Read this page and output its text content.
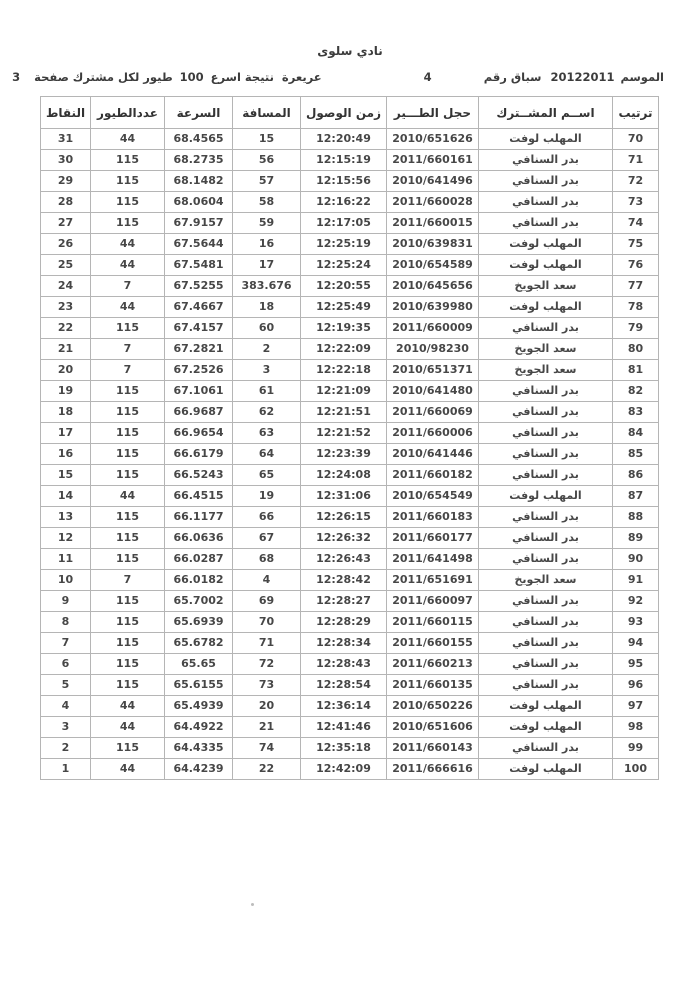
نادي سلوى
الموسم
20122011
سباق رقم
4
عريعرة
نتيجة اسرع
100
طيور لكل مشترك صفحة
3
ترتيب	اســم المشــترك	حجل الطـــير	زمن الوصول	المسافة	السرعة	عددالطيور	النقاط
70	المهلب لوفت	2010/651626	12:20:49	15	68.4565	44	31
71	بدر السنافي	2011/660161	12:15:19	56	68.2735	115	30
72	بدر السنافي	2010/641496	12:15:56	57	68.1482	115	29
73	بدر السنافي	2011/660028	12:16:22	58	68.0604	115	28
74	بدر السنافي	2011/660015	12:17:05	59	67.9157	115	27
75	المهلب لوفت	2010/639831	12:25:19	16	67.5644	44	26
76	المهلب لوفت	2010/654589	12:25:24	17	67.5481	44	25
77	سعد الجويخ	2010/645656	12:20:55	383.676	67.5255	7	24
78	المهلب لوفت	2010/639980	12:25:49	18	67.4667	44	23
79	بدر السنافي	2011/660009	12:19:35	60	67.4157	115	22
80	سعد الجويخ	2010/98230	12:22:09	2	67.2821	7	21
81	سعد الجويخ	2010/651371	12:22:18	3	67.2526	7	20
82	بدر السنافي	2010/641480	12:21:09	61	67.1061	115	19
83	بدر السنافي	2011/660069	12:21:51	62	66.9687	115	18
84	بدر السنافي	2011/660006	12:21:52	63	66.9654	115	17
85	بدر السنافي	2010/641446	12:23:39	64	66.6179	115	16
86	بدر السنافي	2011/660182	12:24:08	65	66.5243	115	15
87	المهلب لوفت	2010/654549	12:31:06	19	66.4515	44	14
88	بدر السنافي	2011/660183	12:26:15	66	66.1177	115	13
89	بدر السنافي	2011/660177	12:26:32	67	66.0636	115	12
90	بدر السنافي	2011/641498	12:26:43	68	66.0287	115	11
91	سعد الجويخ	2011/651691	12:28:42	4	66.0182	7	10
92	بدر السنافي	2011/660097	12:28:27	69	65.7002	115	9
93	بدر السنافي	2011/660115	12:28:29	70	65.6939	115	8
94	بدر السنافي	2011/660155	12:28:34	71	65.6782	115	7
95	بدر السنافي	2011/660213	12:28:43	72	65.65	115	6
96	بدر السنافي	2011/660135	12:28:54	73	65.6155	115	5
97	المهلب لوفت	2010/650226	12:36:14	20	65.4939	44	4
98	المهلب لوفت	2010/651606	12:41:46	21	64.4922	44	3
99	بدر السنافي	2011/660143	12:35:18	74	64.4335	115	2
100	المهلب لوفت	2011/666616	12:42:09	22	64.4239	44	1
